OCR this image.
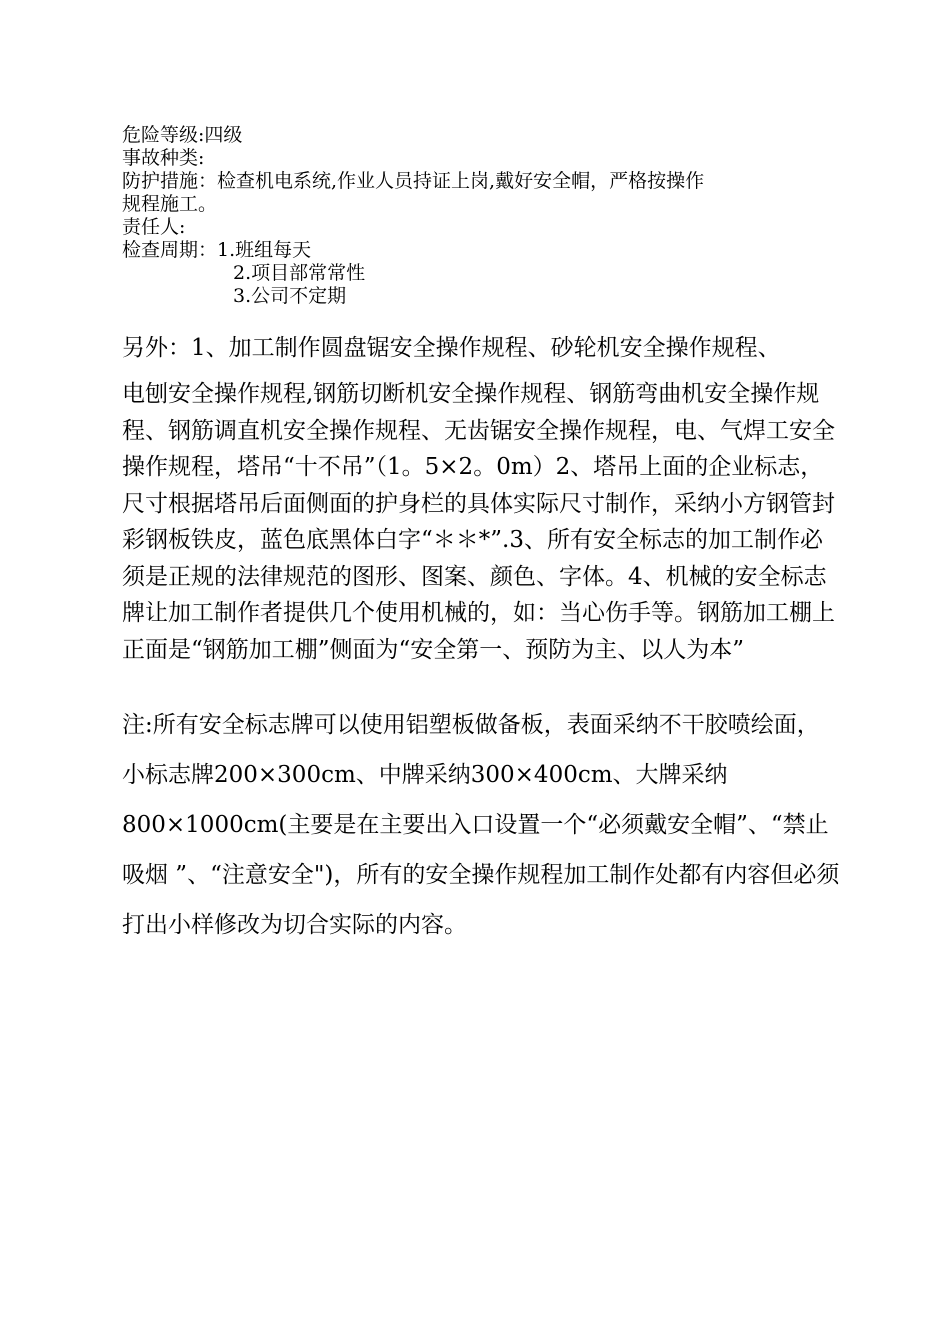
危险等级:四级
事故种类:
防护措施：检查机电系统,作业人员持证上岗,戴好安全帽，严格按操作
规程施工。
责任人:
检查周期：1.班组每天
2.项目部常常性
3.公司不定期
另外：1、加工制作圆盘锯安全操作规程、砂轮机安全操作规程、
电刨安全操作规程,钢筋切断机安全操作规程、钢筋弯曲机安全操作规程、钢筋调直机安全操作规程、无齿锯安全操作规程，电、气焊工安全操作规程，塔吊“十不吊”（1。5×2。0m）2、塔吊上面的企业标志，尺寸根据塔吊后面侧面的护身栏的具体实际尺寸制作，采纳小方钢管封彩钢板铁皮，蓝色底黑体白字“＊＊*”.3、所有安全标志的加工制作必须是正规的法律规范的图形、图案、颜色、字体。4、机械的安全标志牌让加工制作者提供几个使用机械的，如：当心伤手等。钢筋加工棚上正面是“钢筋加工棚”侧面为“安全第一、预防为主、以人为本”
注:所有安全标志牌可以使用铝塑板做备板，表面采纳不干胶喷绘面，小标志牌200×300cm、中牌采纳300×400cm、大牌采纳800×1000cm(主要是在主要出入口设置一个“必须戴安全帽”、“禁止吸烟 ”、“注意安全")，所有的安全操作规程加工制作处都有内容但必须打出小样修改为切合实际的内容。
